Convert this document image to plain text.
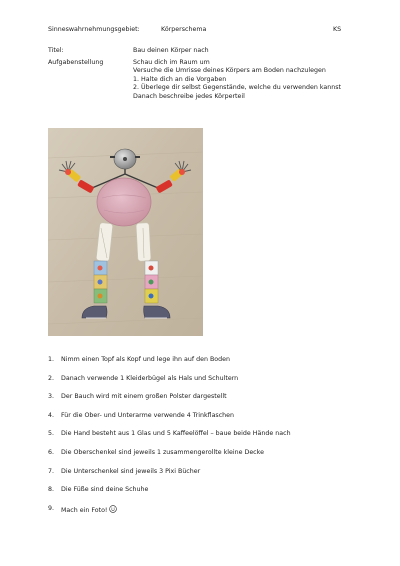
Sinneswahrnehmungsgebiet:	Körperschema	KS
Titel:	Bau deinen Körper nach
Aufgabenstellung	Schau dich im Raum um
Versuche die Umrisse deines Körpers am Boden nachzulegen
1. Halte dich an die Vorgaben
2. Überlege dir selbst Gegenstände, welche du verwenden kannst
Danach beschreibe jedes Körperteil
1.	Nimm einen Topf als Kopf und lege ihn auf den Boden
2.	Danach verwende 1 Kleiderbügel als Hals und Schultern
3.	Der Bauch wird mit einem großen Polster dargestellt
4.	Für die Ober- und Unterarme verwende 4 Trinkflaschen
5.	Die Hand besteht aus 1 Glas und 5 Kaffeelöffel – baue beide Hände nach
6.	Die Oberschenkel sind jeweils 1 zusammengerollte kleine Decke
7.	Die Unterschenkel sind jeweils 3 Pixi Bücher
8.	Die Füße sind deine Schuhe
9.	Mach ein Foto!
